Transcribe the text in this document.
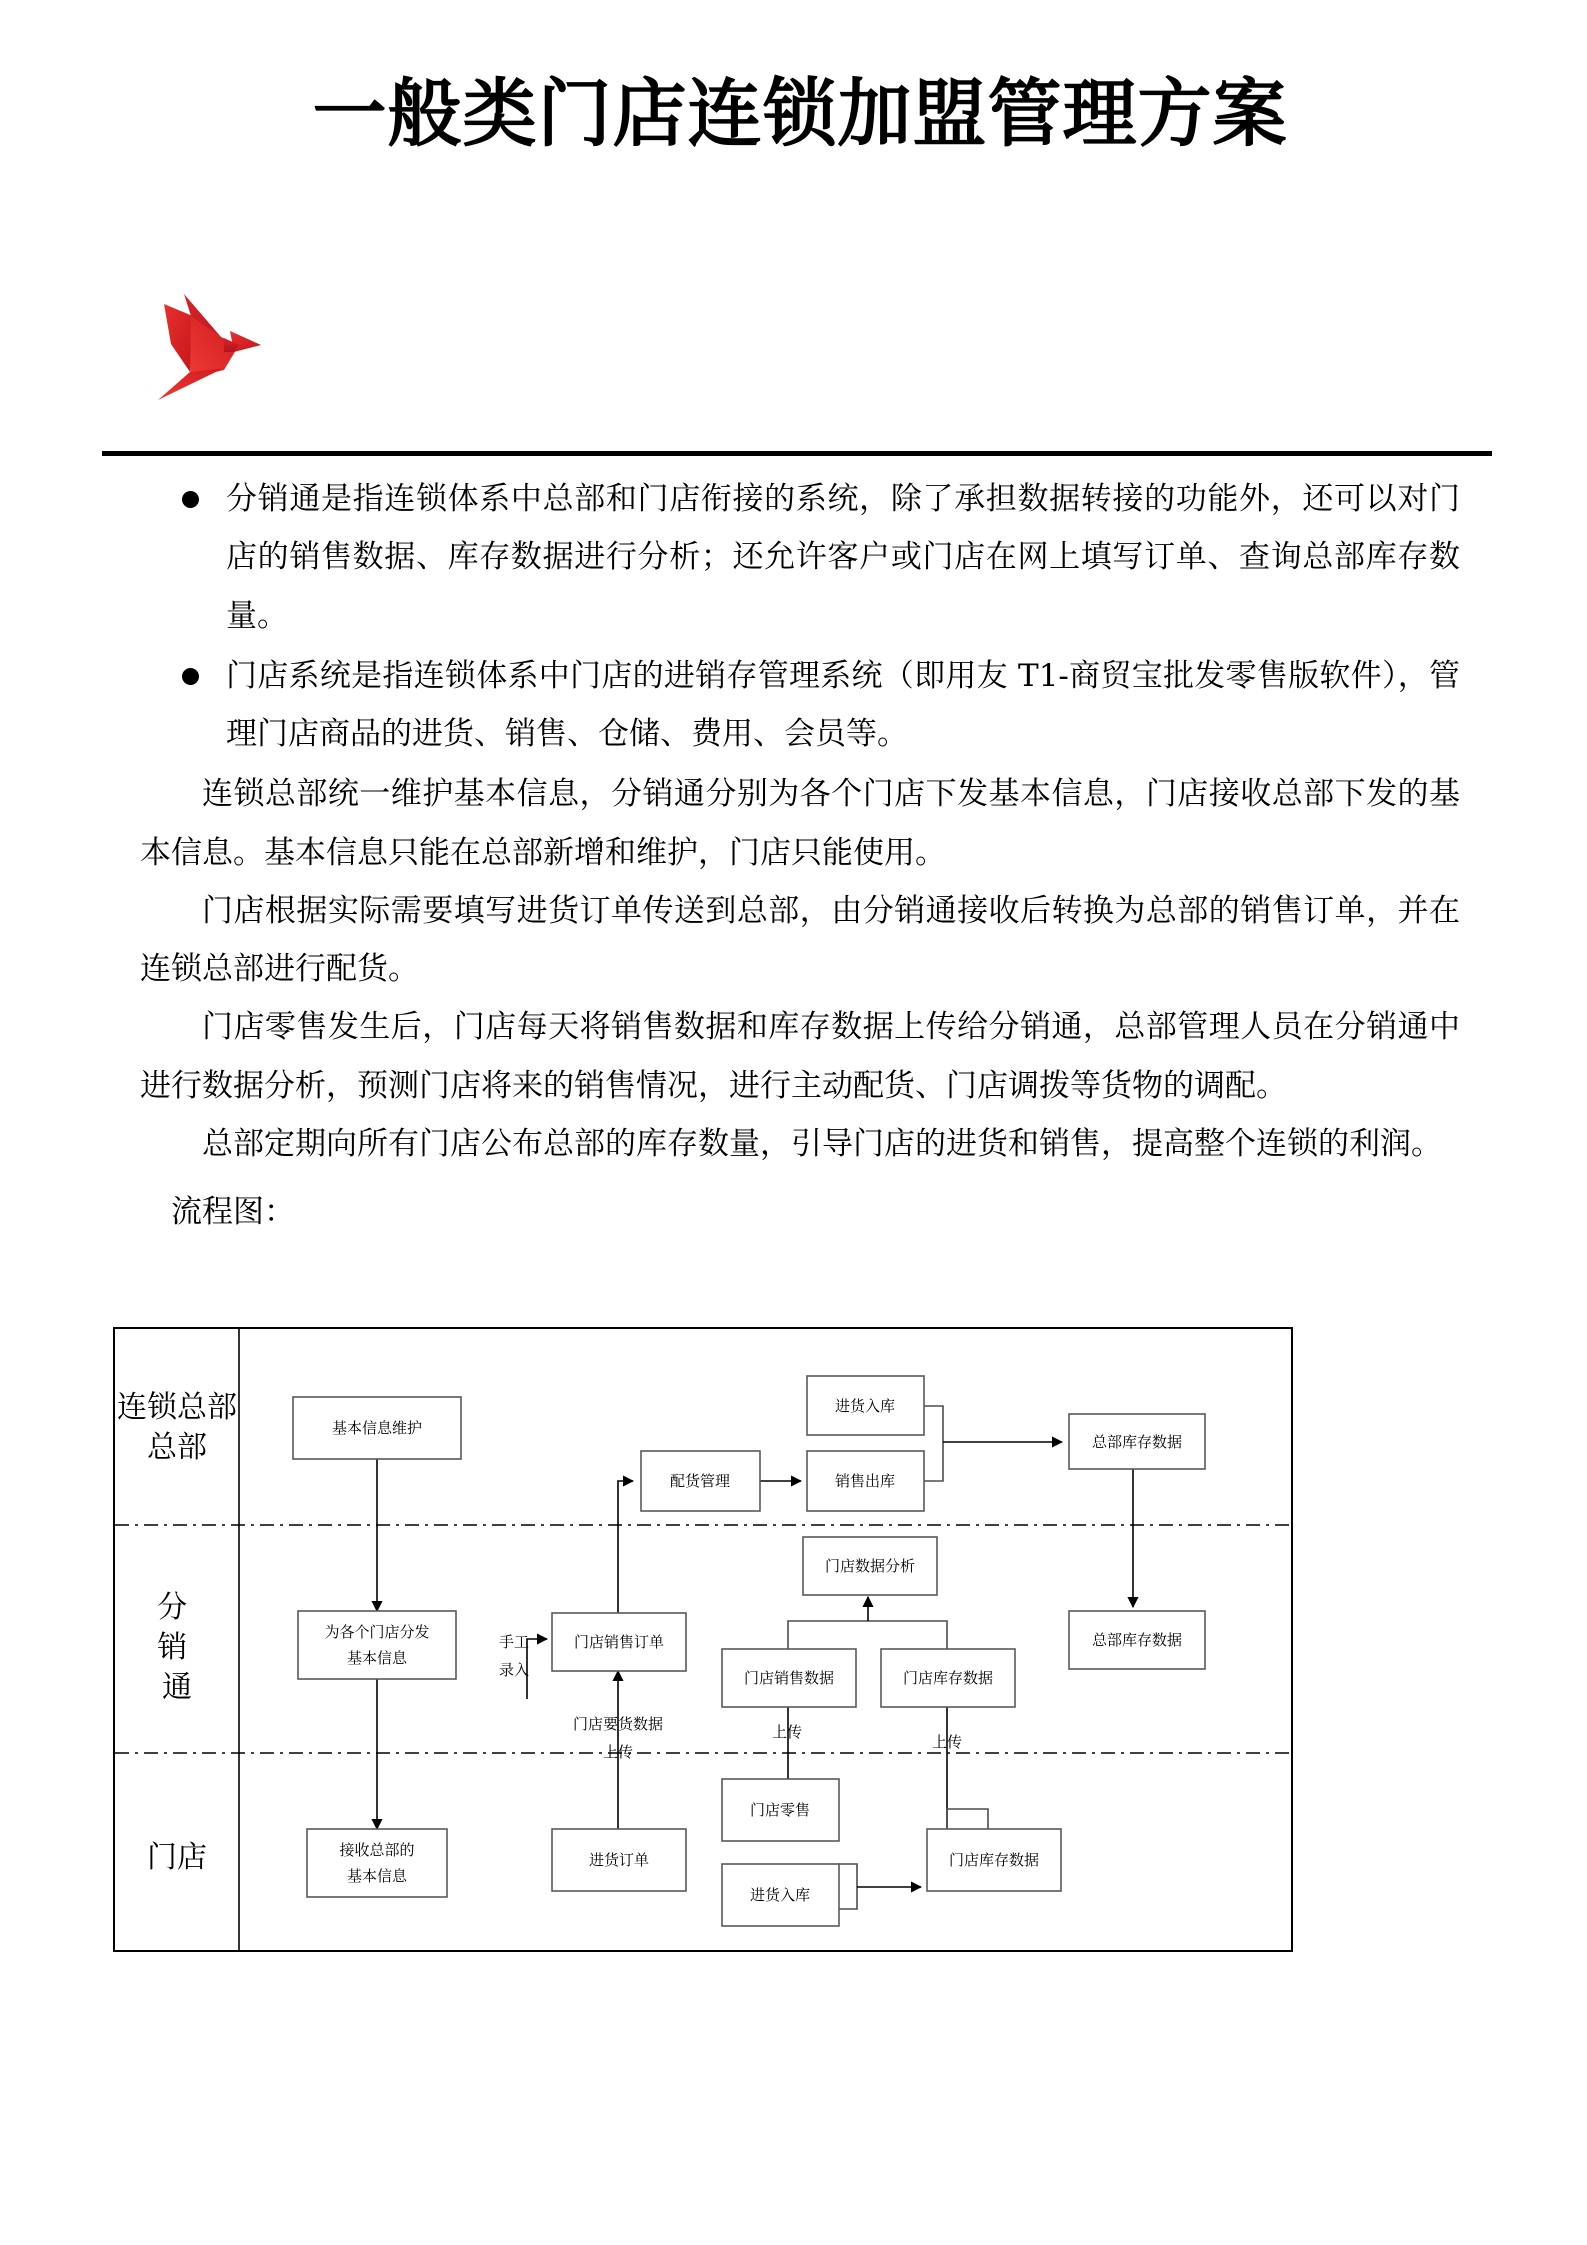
一般类门店连锁加盟管理方案
分销通是指连锁体系中总部和门店衔接的系统，除了承担数据转接的功能外，还可以对门店的销售数据、库存数据进行分析；还允许客户或门店在网上填写订单、查询总部库存数量。
门店系统是指连锁体系中门店的进销存管理系统（即用友 T1-商贸宝批发零售版软件），管理门店商品的进货、销售、仓储、费用、会员等。

连锁总部统一维护基本信息，分销通分别为各个门店下发基本信息，门店接收总部下发的基本信息。基本信息只能在总部新增和维护，门店只能使用。

门店根据实际需要填写进货订单传送到总部，由分销通接收后转换为总部的销售订单，并在连锁总部进行配货。

门店零售发生后，门店每天将销售数据和库存数据上传给分销通，总部管理人员在分销通中进行数据分析，预测门店将来的销售情况，进行主动配货、门店调拨等货物的调配。

总部定期向所有门店公布总部的库存数量，引导门店的进货和销售，提高整个连锁的利润。

流程图：

连锁总部
总部
分 销 通
门店
基本信息维护
配货管理	销售出库
进货入库
总部库存数据
为各个门店分发
基本信息
门店销售订单
门店数据分析
门店销售数据	门店库存数据
总部库存数据
接收总部的
基本信息
进货订单
门店零售
进货入库
门店库存数据
手工
录入
门店要货数据
上传
上传
上传
